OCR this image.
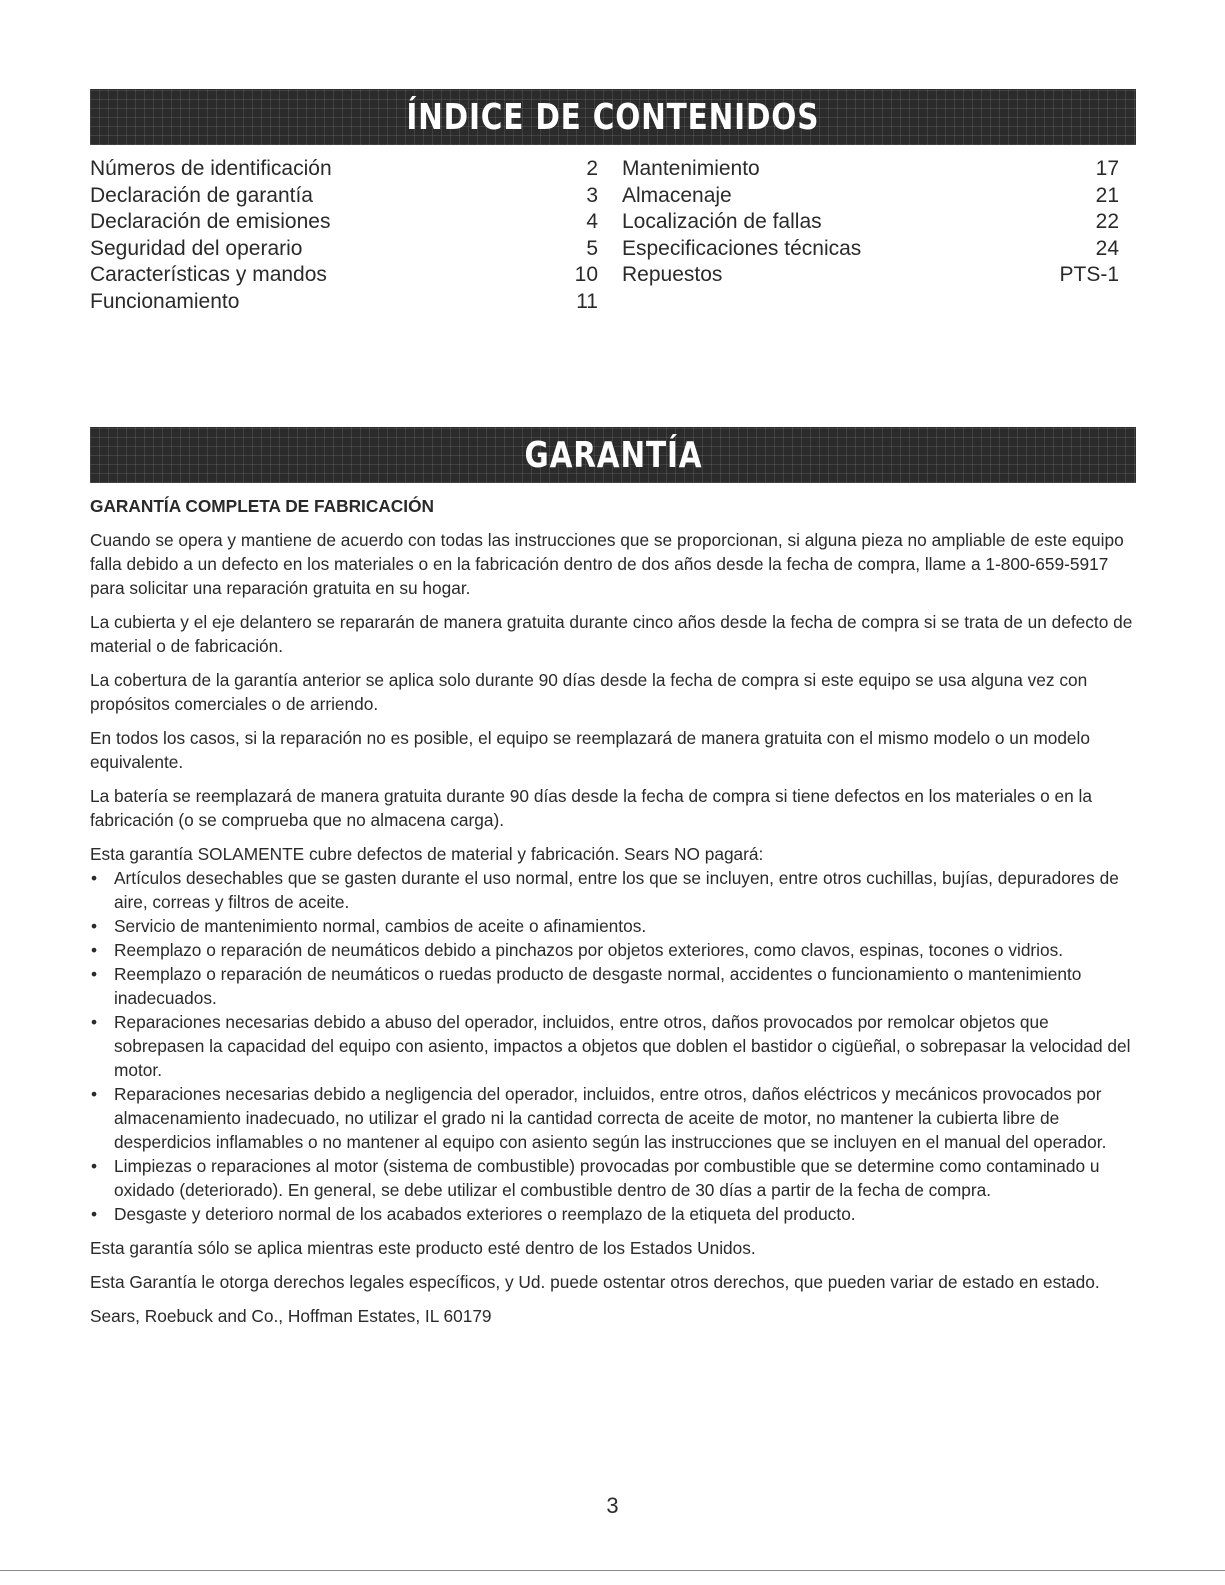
ÍNDICE DE CONTENIDOS
Números de identificación	2
Declaración de garantía	3
Declaración de emisiones	4
Seguridad del operario	5
Características y mandos	10
Funcionamiento	11
Mantenimiento	17
Almacenaje	21
Localización de fallas	22
Especificaciones técnicas	24
Repuestos	PTS-1
GARANTÍA

GARANTÍA COMPLETA DE FABRICACIÓN

Cuando se opera y mantiene de acuerdo con todas las instrucciones que se proporcionan, si alguna pieza no ampliable de este equipo falla debido a un defecto en los materiales o en la fabricación dentro de dos años desde la fecha de compra, llame a 1-800-659-5917 para solicitar una reparación gratuita en su hogar.

La cubierta y el eje delantero se repararán de manera gratuita durante cinco años desde la fecha de compra si se trata de un defecto de material o de fabricación.

La cobertura de la garantía anterior se aplica solo durante 90 días desde la fecha de compra si este equipo se usa alguna vez con propósitos comerciales o de arriendo.

En todos los casos, si la reparación no es posible, el equipo se reemplazará de manera gratuita con el mismo modelo o un modelo equivalente.

La batería se reemplazará de manera gratuita durante 90 días desde la fecha de compra si tiene defectos en los materiales o en la fabricación (o se comprueba que no almacena carga).

Esta garantía SOLAMENTE cubre defectos de material y fabricación. Sears NO pagará:

• Artículos desechables que se gasten durante el uso normal, entre los que se incluyen, entre otros cuchillas, bujías, depuradores de aire, correas y filtros de aceite.
• Servicio de mantenimiento normal, cambios de aceite o afinamientos.
• Reemplazo o reparación de neumáticos debido a pinchazos por objetos exteriores, como clavos, espinas, tocones o vidrios.
• Reemplazo o reparación de neumáticos o ruedas producto de desgaste normal, accidentes o funcionamiento o mantenimiento inadecuados.
• Reparaciones necesarias debido a abuso del operador, incluidos, entre otros, daños provocados por remolcar objetos que sobrepasen la capacidad del equipo con asiento, impactos a objetos que doblen el bastidor o cigüeñal, o sobrepasar la velocidad del motor.
• Reparaciones necesarias debido a negligencia del operador, incluidos, entre otros, daños eléctricos y mecánicos provocados por almacenamiento inadecuado, no utilizar el grado ni la cantidad correcta de aceite de motor, no mantener la cubierta libre de desperdicios inflamables o no mantener al equipo con asiento según las instrucciones que se incluyen en el manual del operador.
• Limpiezas o reparaciones al motor (sistema de combustible) provocadas por combustible que se determine como contaminado u oxidado (deteriorado). En general, se debe utilizar el combustible dentro de 30 días a partir de la fecha de compra.
• Desgaste y deterioro normal de los acabados exteriores o reemplazo de la etiqueta del producto.

Esta garantía sólo se aplica mientras este producto esté dentro de los Estados Unidos.

Esta Garantía le otorga derechos legales específicos, y Ud. puede ostentar otros derechos, que pueden variar de estado en estado.

Sears, Roebuck and Co., Hoffman Estates, IL 60179

3
